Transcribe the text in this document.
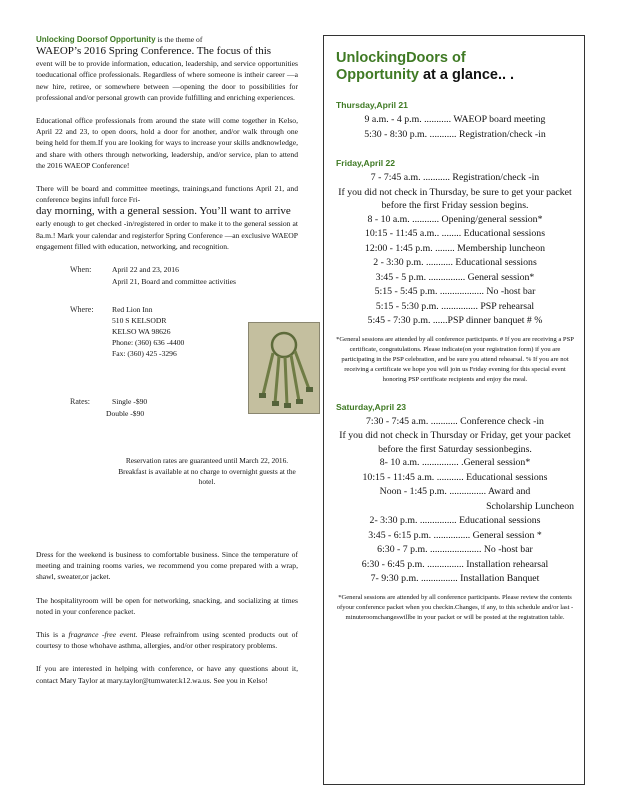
Unlocking Doorsof Opportunity is the theme of
WAEOP’s 2016 Spring Conference. The focus of this
event will be to provide information, education, leadership, and service opportunities toeducational office professionals. Regardless of where someone is intheir career —a new hire, retiree, or somewhere between —opening the door to possibilities for professional and/or personal growth can provide fulfilling and enriching experiences.

Educational office professionals from around the state will come together in Kelso, April 22 and 23, to open doors, hold a door for another, and/or walk through one being held for them.If you are looking for ways to increase your skills andknowledge, and share with others through networking, leadership, and/or service, plan to attend the 2016 WAEOP Conference!

There will be board and committee meetings, trainings,and functions April 21, and conference begins infull force Fri-
day morning, with a general session. You’ll want to arrive
early enough to get checked -in/registered in order to make it to the general session at 8a.m.! Mark your calendar and registerfor Spring Conference —an exclusive WAEOP engagement filled with education, networking, and recognition.

When:	April 22 and 23, 2016
April 21, Board and committee activities
Where: Red Lion Inn
510 S KELSODR
KELSO WA 98626
Phone: (360) 636 -4400
Fax: (360) 425 -3296
Rates:	Single -$90
Double -$90
Reservation rates are guaranteed until March 22, 2016. Breakfast is available at no charge to overnight guests at the hotel.

Dress for the weekend is business to comfortable business. Since the temperature of meeting and training rooms varies, we recommend you come prepared with a wrap, shawl, sweater,or jacket.

The hospitalityroom will be open for networking, snacking, and socializing at times noted in your conference packet.

This is a fragrance -free event. Please refrainfrom using scented products out of courtesy to those whohave asthma, allergies, and/or other respiratory problems.

If you are interested in helping with conference, or have any questions about it, contact Mary Taylor at mary.taylor@tumwater.k12.wa.us. See you in Kelso!

UnlockingDoors of
Opportunity at a glance.. .
Thursday,April 21
9 a.m. - 4 p.m. ........... WAEOP board meeting
5:30 - 8:30 p.m. ........... Registration/check -in
Friday,April 22
7 - 7:45 a.m. ........... Registration/check -in
If you did not check in Thursday, be sure to get your packet before the first Friday session begins.
8 - 10 a.m. ........... Opening/general session*
10:15 - 11:45 a.m.. ........ Educational sessions
12:00 - 1:45 p.m. ........ Membership luncheon
2 - 3:30 p.m. ........... Educational sessions
3:45 - 5 p.m. ............... General session*
5:15 - 5:45 p.m. .................. No -host bar
5:15 - 5:30 p.m. ............... PSP rehearsal
5:45 - 7:30 p.m. ......PSP dinner banquet # %
*General sessions are attended by all conference participants. # If you are receiving a PSP certificate, congratulations. Please indicate(on your registration form) if you are participating in the PSP celebration, and be sure you attend rehearsal. % If you are not receiving a certificate we hope you will join us Friday evening for this special event honoring PSP certificate recipients and enjoy the meal.
Saturday,April 23
7:30 - 7:45 a.m. ........... Conference check -in
If you did not check in Thursday or Friday, get your packet before the first Saturday sessionbegins.
8- 10 a.m. ............... .General session*
10:15 - 11:45 a.m. ........... Educational sessions
Noon - 1:45 p.m. ............... Award and
Scholarship Luncheon
2- 3:30 p.m. ............... Educational sessions
3:45 - 6:15 p.m. ............... General session *
6:30 - 7 p.m. ..................... No -host bar
6:30 - 6:45 p.m. ............... Installation rehearsal
7- 9:30 p.m. ............... Installation Banquet
*General sessions are attended by all conference participants. Please review the contents ofyour conference packet when you checkin.Changes, if any, to this schedule and/or last -minuteroomchangeswillbe in your packet or will be posted at the registration table.
